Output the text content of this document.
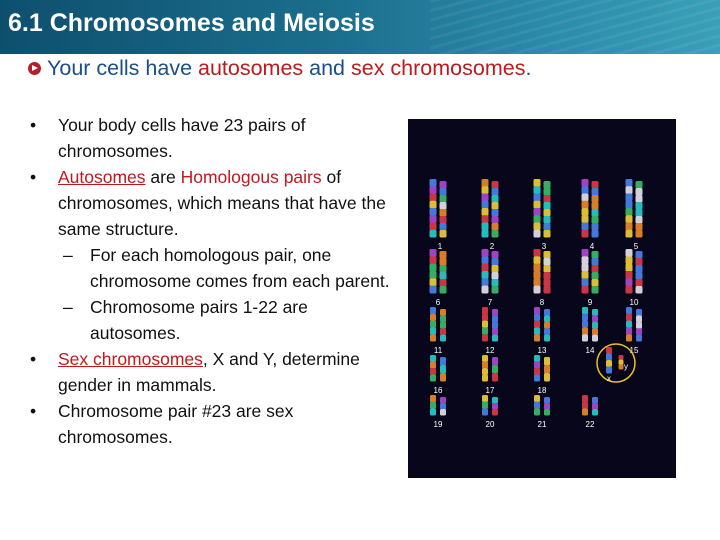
6.1 Chromosomes and Meiosis
Your cells have autosomes and sex chromosomes.
• Your body cells have 23 pairs of chromosomes.
• Autosomes are Homologous pairs of chromosomes, which means that have the same structure.
– For each homologous pair, one chromosome comes from each parent.
– Chromosome pairs 1-22 are autosomes.
• Sex chromosomes, X and Y, determine gender in mammals.
• Chromosome pair #23 are sex chromosomes.
1	2	3	4	5
6	7	8	9	10
11	12	13	14	15
16	17	18
19	20	21	22
x
y
